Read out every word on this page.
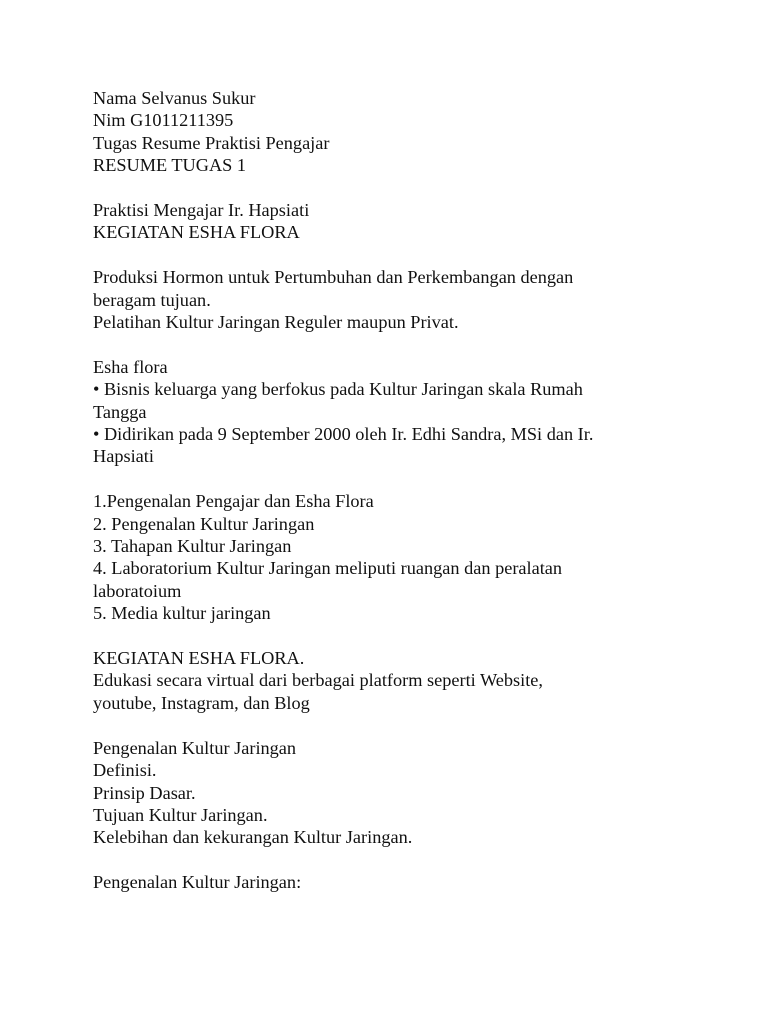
Nama Selvanus Sukur
Nim G1011211395
Tugas Resume Praktisi Pengajar
RESUME TUGAS 1
Praktisi Mengajar Ir. Hapsiati
KEGIATAN ESHA FLORA
Produksi Hormon untuk Pertumbuhan dan Perkembangan dengan
beragam tujuan.
Pelatihan Kultur Jaringan Reguler maupun Privat.
Esha flora
• Bisnis keluarga yang berfokus pada Kultur Jaringan skala Rumah
Tangga
• Didirikan pada 9 September 2000 oleh Ir. Edhi Sandra, MSi dan Ir.
Hapsiati
1.Pengenalan Pengajar dan Esha Flora
2. Pengenalan Kultur Jaringan
3. Tahapan Kultur Jaringan
4. Laboratorium Kultur Jaringan meliputi ruangan dan peralatan
laboratoium
5. Media kultur jaringan
KEGIATAN ESHA FLORA.
Edukasi secara virtual dari berbagai platform seperti Website,
youtube, Instagram, dan Blog
Pengenalan Kultur Jaringan
Definisi.
Prinsip Dasar.
Tujuan Kultur Jaringan.
Kelebihan dan kekurangan Kultur Jaringan.
Pengenalan Kultur Jaringan:
